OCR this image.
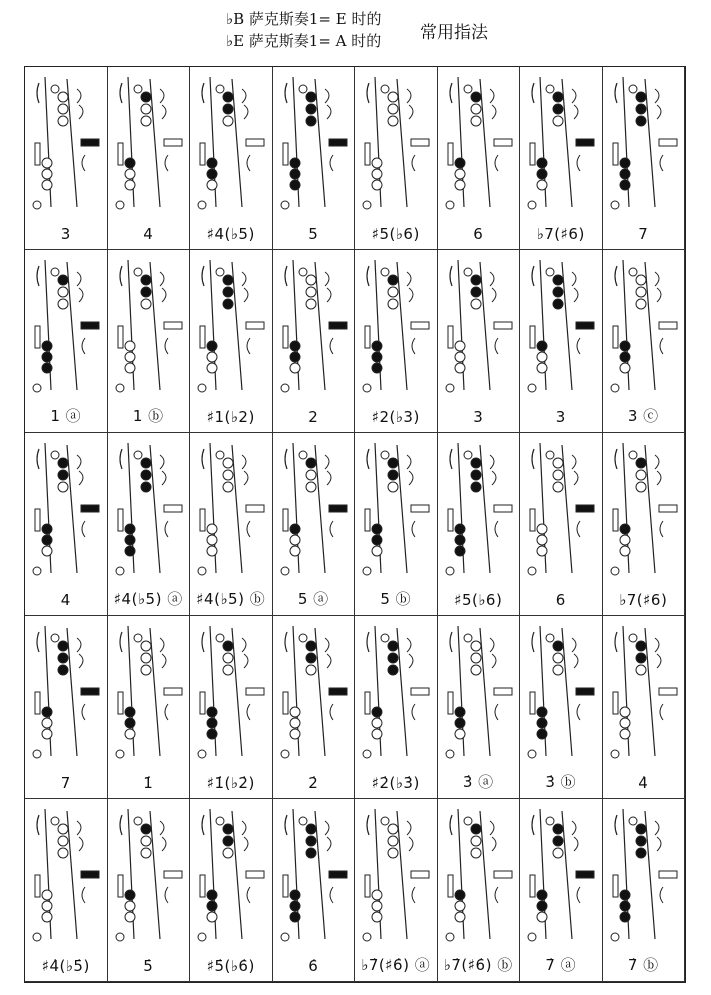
♭B 萨克斯奏1= E 时的
♭E 萨克斯奏1= A 时的 常用指法
3	4	♯4(♭5)	5	♯5(♭6)	6	♭7(♯6)	7
1 ⓐ	1 ⓑ	♯1(♭2)	2	♯2(♭3)	3	3	3 ⓒ
4	♯4(♭5) ⓐ ♯4(♭5) ⓑ	5 ⓐ	5 ⓑ	♯5(♭6)	6	♭7(♯6)
7	1̇	♯1̇(♭2̇)	2̇	♯2̇(♭3̇)	3̇ ⓐ	3̇ ⓑ	4̇
♯4̇(♭5̇)	5̇	♯5̇(♭6̇)	6̇	♭7̇(♯6̇) ⓐ ♭7̇(♯6̇) ⓑ	7̇ ⓐ	7̇ ⓑ
